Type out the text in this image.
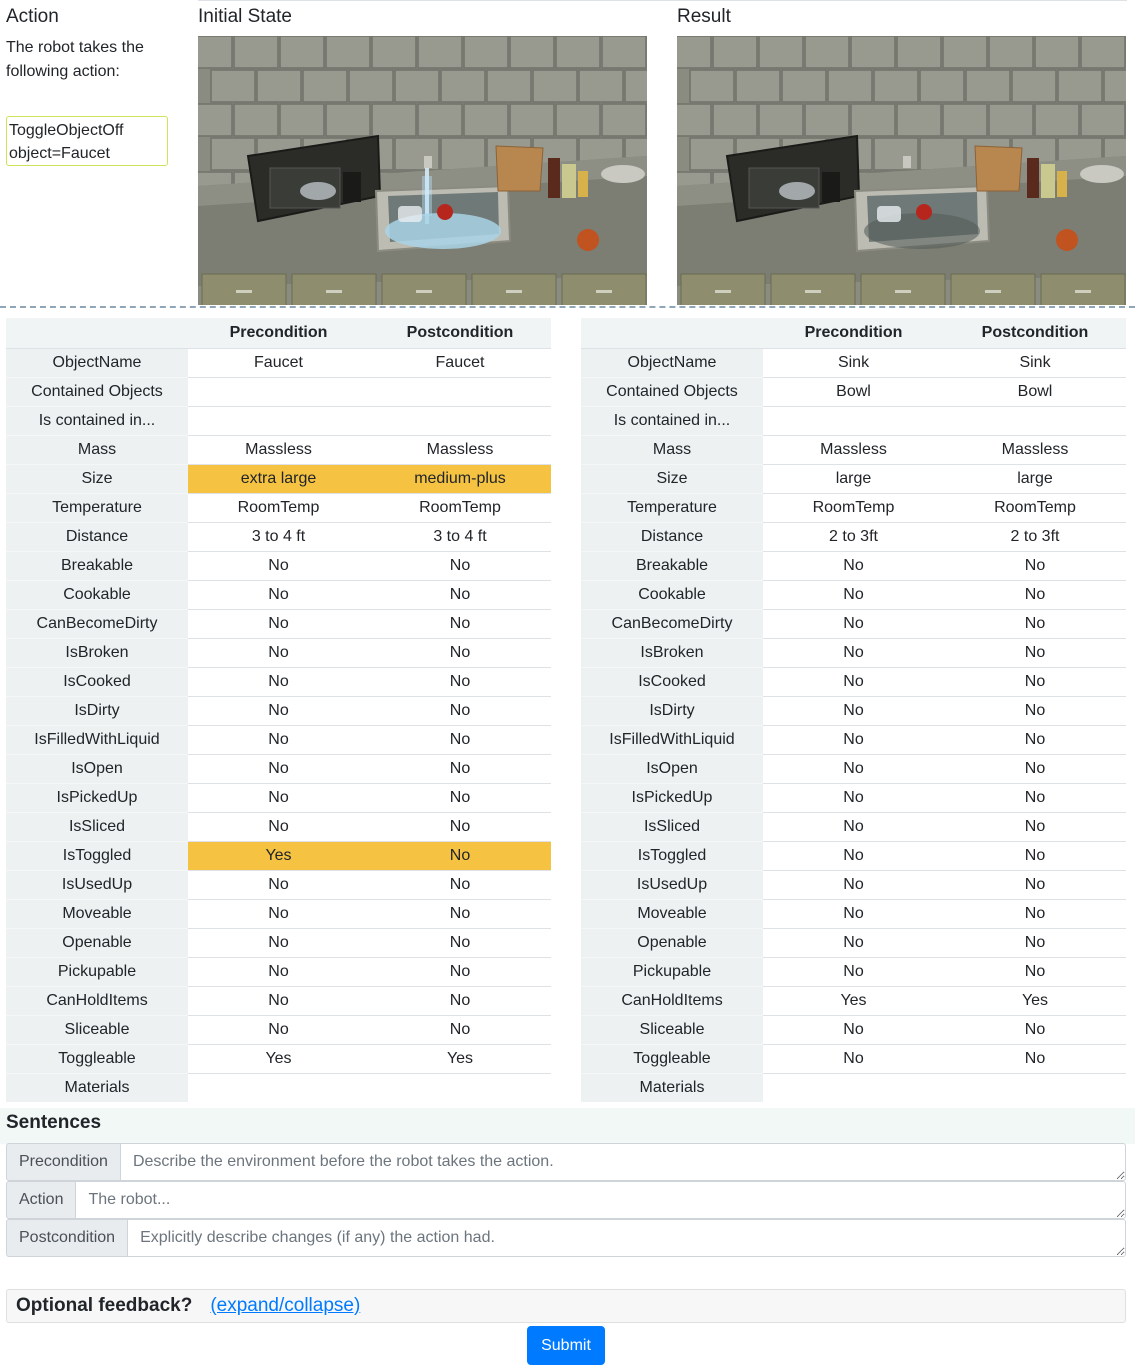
Action	Initial State	Result
The robot takes the following action:
ToggleObjectOff
object=Faucet
	Precondition	Postcondition
ObjectName	Faucet	Faucet
Contained Objects		
Is contained in...		
Mass	Massless	Massless
Size	extra large	medium-plus
Temperature	RoomTemp	RoomTemp
Distance	3 to 4 ft	3 to 4 ft
Breakable	No	No
Cookable	No	No
CanBecomeDirty	No	No
IsBroken	No	No
IsCooked	No	No
IsDirty	No	No
IsFilledWithLiquid	No	No
IsOpen	No	No
IsPickedUp	No	No
IsSliced	No	No
IsToggled	Yes	No
IsUsedUp	No	No
Moveable	No	No
Openable	No	No
Pickupable	No	No
CanHoldItems	No	No
Sliceable	No	No
Toggleable	Yes	Yes
Materials		
	Precondition	Postcondition
ObjectName	Sink	Sink
Contained Objects	Bowl	Bowl
Is contained in...		
Mass	Massless	Massless
Size	large	large
Temperature	RoomTemp	RoomTemp
Distance	2 to 3ft	2 to 3ft
Breakable	No	No
Cookable	No	No
CanBecomeDirty	No	No
IsBroken	No	No
IsCooked	No	No
IsDirty	No	No
IsFilledWithLiquid	No	No
IsOpen	No	No
IsPickedUp	No	No
IsSliced	No	No
IsToggled	No	No
IsUsedUp	No	No
Moveable	No	No
Openable	No	No
Pickupable	No	No
CanHoldItems	Yes	Yes
Sliceable	No	No
Toggleable	No	No
Materials		
Sentences
Precondition
Describe the environment before the robot takes the action.
Action
The robot...
Postcondition
Explicitly describe changes (if any) the action had.
Optional feedback? (expand/collapse)
Submit
